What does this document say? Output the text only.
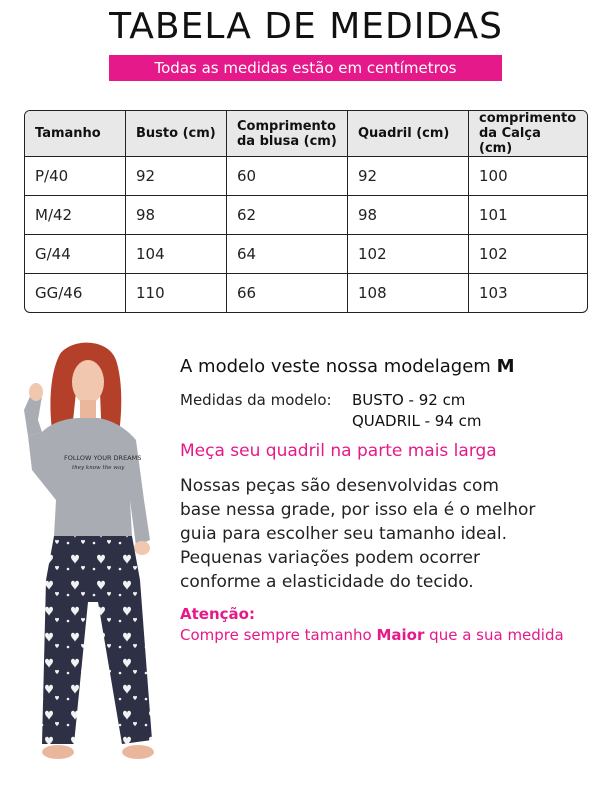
TABELA DE MEDIDAS
Todas as medidas estão em centímetros
Tamanho	Busto (cm)	Comprimento
da blusa (cm)	Quadril (cm)	comprimento
da Calça (cm)
P/40	92	60	92	100
M/42	98	62	98	101
G/44	104	64	102	102
GG/46	110	66	108	103
FOLLOW YOUR DREAMS
they know the way
A modelo veste nossa modelagem M
Medidas da modelo: BUSTO - 92 cm
QUADRIL - 94 cm
Meça seu quadril na parte mais larga
Nossas peças são desenvolvidas com
base nessa grade, por isso ela é o melhor
guia para escolher seu tamanho ideal.
Pequenas variações podem ocorrer
conforme a elasticidade do tecido.
Atenção:
Compre sempre tamanho Maior que a sua medida
